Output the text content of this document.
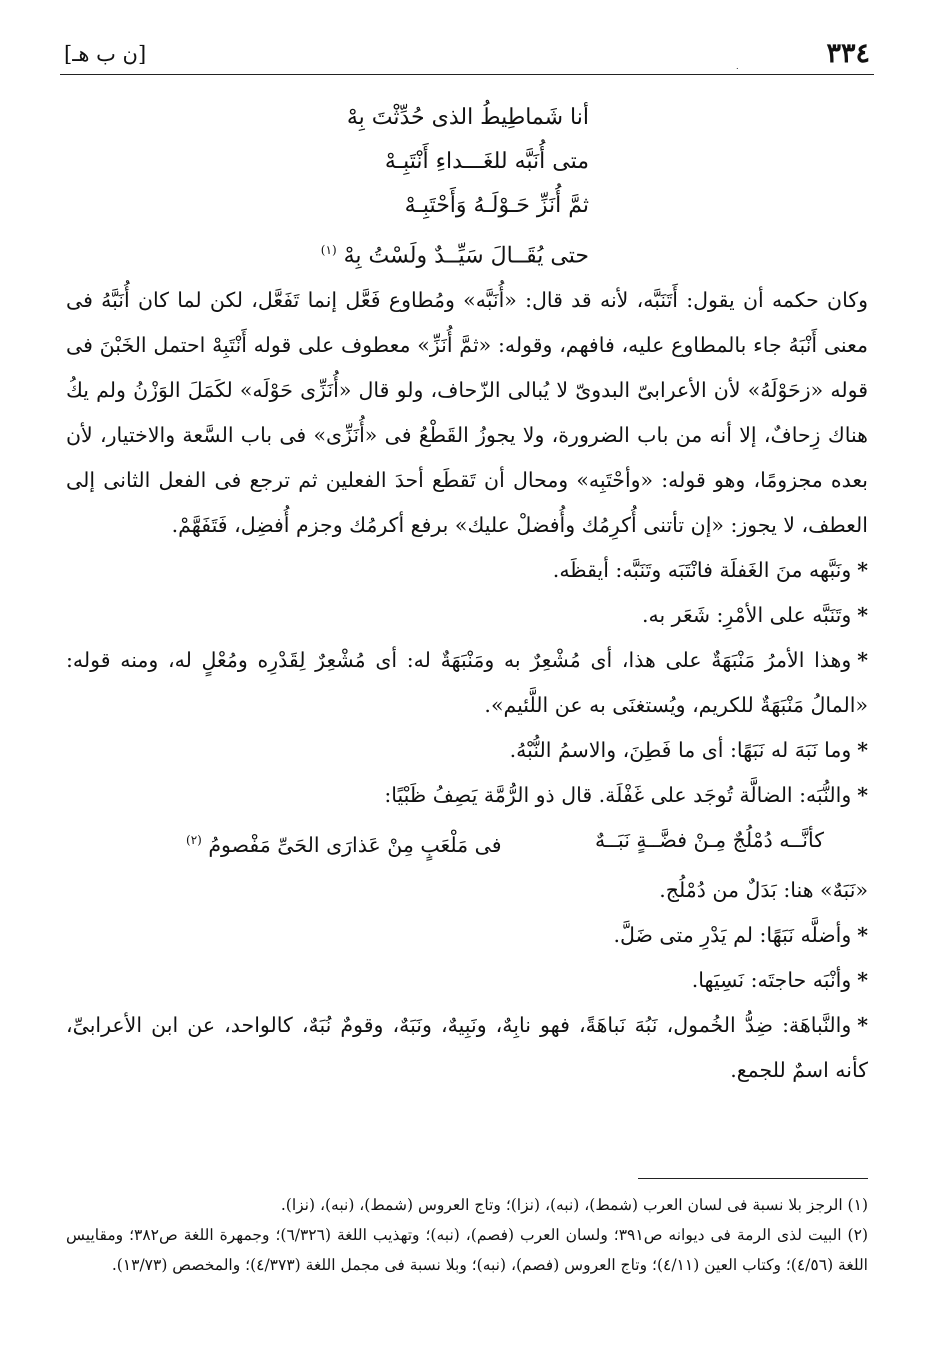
٣٣٤
[ن ب هـ]
.
أنا شَماطِيطُ الذى حُدِّثْتَ بِهْ
متى أُنَبَّه للغَـــداءِ أَنْتَبِـهْ
ثمَّ أُنَزِّ حَـوْلَـهُ وَأَحْتَبِـهْ
حتى يُقَــالَ سَيِّــدٌ ولَسْتُ بِهْ $^{(١)}$

وكان حكمه أن يقول: أَتَنَبَّه، لأنه قد قال: «أُنَبَّه» ومُطاوع فَعَّل إنما تَفَعَّل، لكن لما كان أُنَبَّهُ فى معنى أَنْبَهُ جاء بالمطاوع عليه، فافهم، وقوله: «ثمَّ أُنَزِّ» معطوف على قوله أَنْتَبِهْ احتمل الخَبْنَ فى قوله «زحَوْلَهُ» لأن الأعرابىّ البدوىّ لا يُبالى الزّحاف، ولو قال «أُنَزِّى حَوْلَه» لكَمَلَ الوَزْنُ ولم يكُ هناك زِحافٌ، إلا أنه من باب الضرورة، ولا يجوزُ القَطْعُ فى «أُنَزِّى» فى باب السَّعة والاختيار، لأن بعده مجزومًا، وهو قوله: «وأحْتَبِه» ومحال أن تَقطَع أحدَ الفعلين ثم ترجع فى الفعل الثانى إلى العطف، لا يجوز: «إن تأتنى أُكرِمُك وأُفضلْ عليك» برفع أكرمُك وجزم أُفضِل، فَتَفَهَّمْ.

*ونَبَّهه منَ الغَفلَة فانْتَبَه وتَنَبَّه: أيقظَه.

*وتَنَبَّه على الأمْرِ: شَعَر به.

*وهذا الأمرُ مَنْبَهَةٌ على هذا، أى مُشْعِرٌ به ومَنْبَهَةٌ له: أى مُشْعِرٌ لِقَدْرِه ومُعْلٍ له، ومنه قوله: «المالُ مَنْبَهَةٌ للكريم، ويُستغنَى به عن اللَّئيم».

*وما نَبَهَ له نَبَهًا: أى ما فَطِنَ، والاسمُ النُّبْهُ.

*والنُّبَه: الضالَّة تُوجَد على غَفْلَة. قال ذو الرُّمَّة يَصِفُ ظَبْيًا:

كأنَّــه دُمْلُجٌ مِـنْ فضَّــةٍ نَبَــهٌ
فى مَلْعَبٍ مِنْ عَذارَى الحَىِّ مَفْصومُ $^{(٢)}$

«نَبَهٌ» هنا: بَدَلٌ من دُمْلُج.

*وأضلَّه نَبَهًا: لم يَدْرِ متى ضَلَّ.

*وأنْبَه حاجتَه: نَسِيَها.

*والنَّباهَة: ضِدُّ الخُمول، نَبُهَ نَباهَةً، فهو نابِهٌ، ونَبِيهٌ، ونَبَهٌ، وقومٌ نُبَهٌ، كالواحد، عن ابن الأعرابىِّ، كأنه اسمٌ للجمع.

(١) الرجز بلا نسبة فى لسان العرب (شمط)، (نبه)، (نزا)؛ وتاج العروس (شمط)، (نبه)، (نزا).

(٢) البيت لذى الرمة فى ديوانه ص٣٩١؛ ولسان العرب (فصم)، (نبه)؛ وتهذيب اللغة (٦/٣٢٦)؛ وجمهرة اللغة ص٣٨٢؛ ومقاييس اللغة (٤/٥٦)؛ وكتاب العين (٤/١١)؛ وتاج العروس (فصم)، (نبه)؛ وبلا نسبة فى مجمل اللغة (٤/٣٧٣)؛ والمخصص (١٣/٧٣).
